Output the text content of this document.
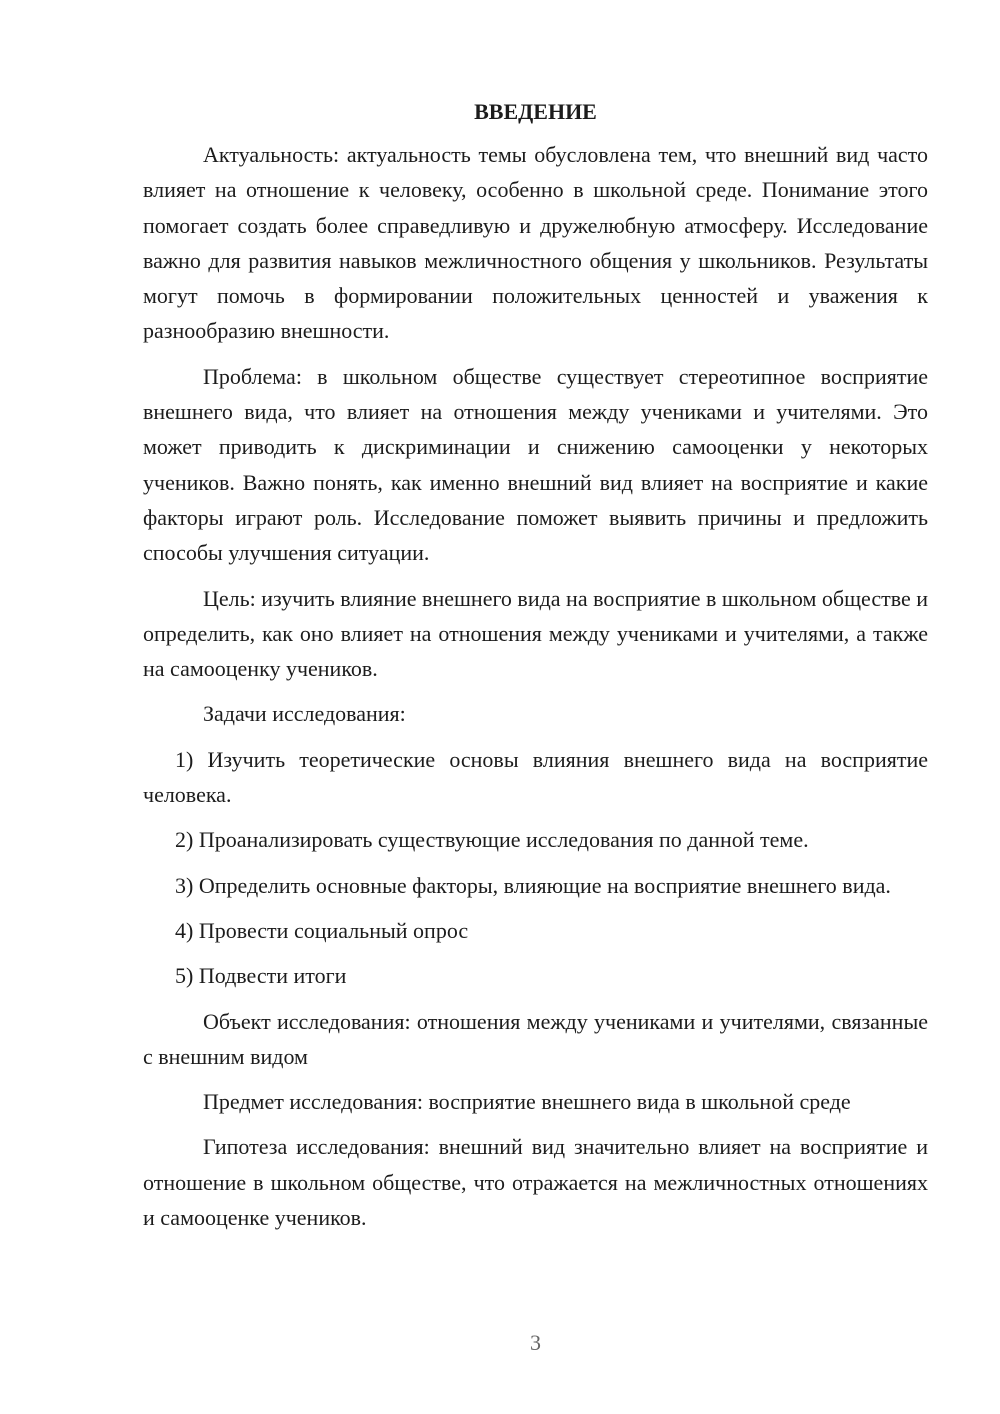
ВВЕДЕНИЕ

Актуальность: актуальность темы обусловлена тем, что внешний вид часто влияет на отношение к человеку, особенно в школьной среде. Понимание этого помогает создать более справедливую и дружелюбную атмосферу. Исследование важно для развития навыков межличностного общения у школьников. Результаты могут помочь в формировании положительных ценностей и уважения к разнообразию внешности.

Проблема: в школьном обществе существует стереотипное восприятие внешнего вида, что влияет на отношения между учениками и учителями. Это может приводить к дискриминации и снижению самооценки у некоторых учеников. Важно понять, как именно внешний вид влияет на восприятие и какие факторы играют роль. Исследование поможет выявить причины и предложить способы улучшения ситуации.

Цель: изучить влияние внешнего вида на восприятие в школьном обществе и определить, как оно влияет на отношения между учениками и учителями, а также на самооценку учеников.

Задачи исследования:

1) Изучить теоретические основы влияния внешнего вида на восприятие человека.

2) Проанализировать существующие исследования по данной теме.

3) Определить основные факторы, влияющие на восприятие внешнего вида.

4) Провести социальный опрос

5) Подвести итоги

Объект исследования: отношения между учениками и учителями, связанные с внешним видом

Предмет исследования: восприятие внешнего вида в школьной среде

Гипотеза исследования: внешний вид значительно влияет на восприятие и отношение в школьном обществе, что отражается на межличностных отношениях и самооценке учеников.

3
